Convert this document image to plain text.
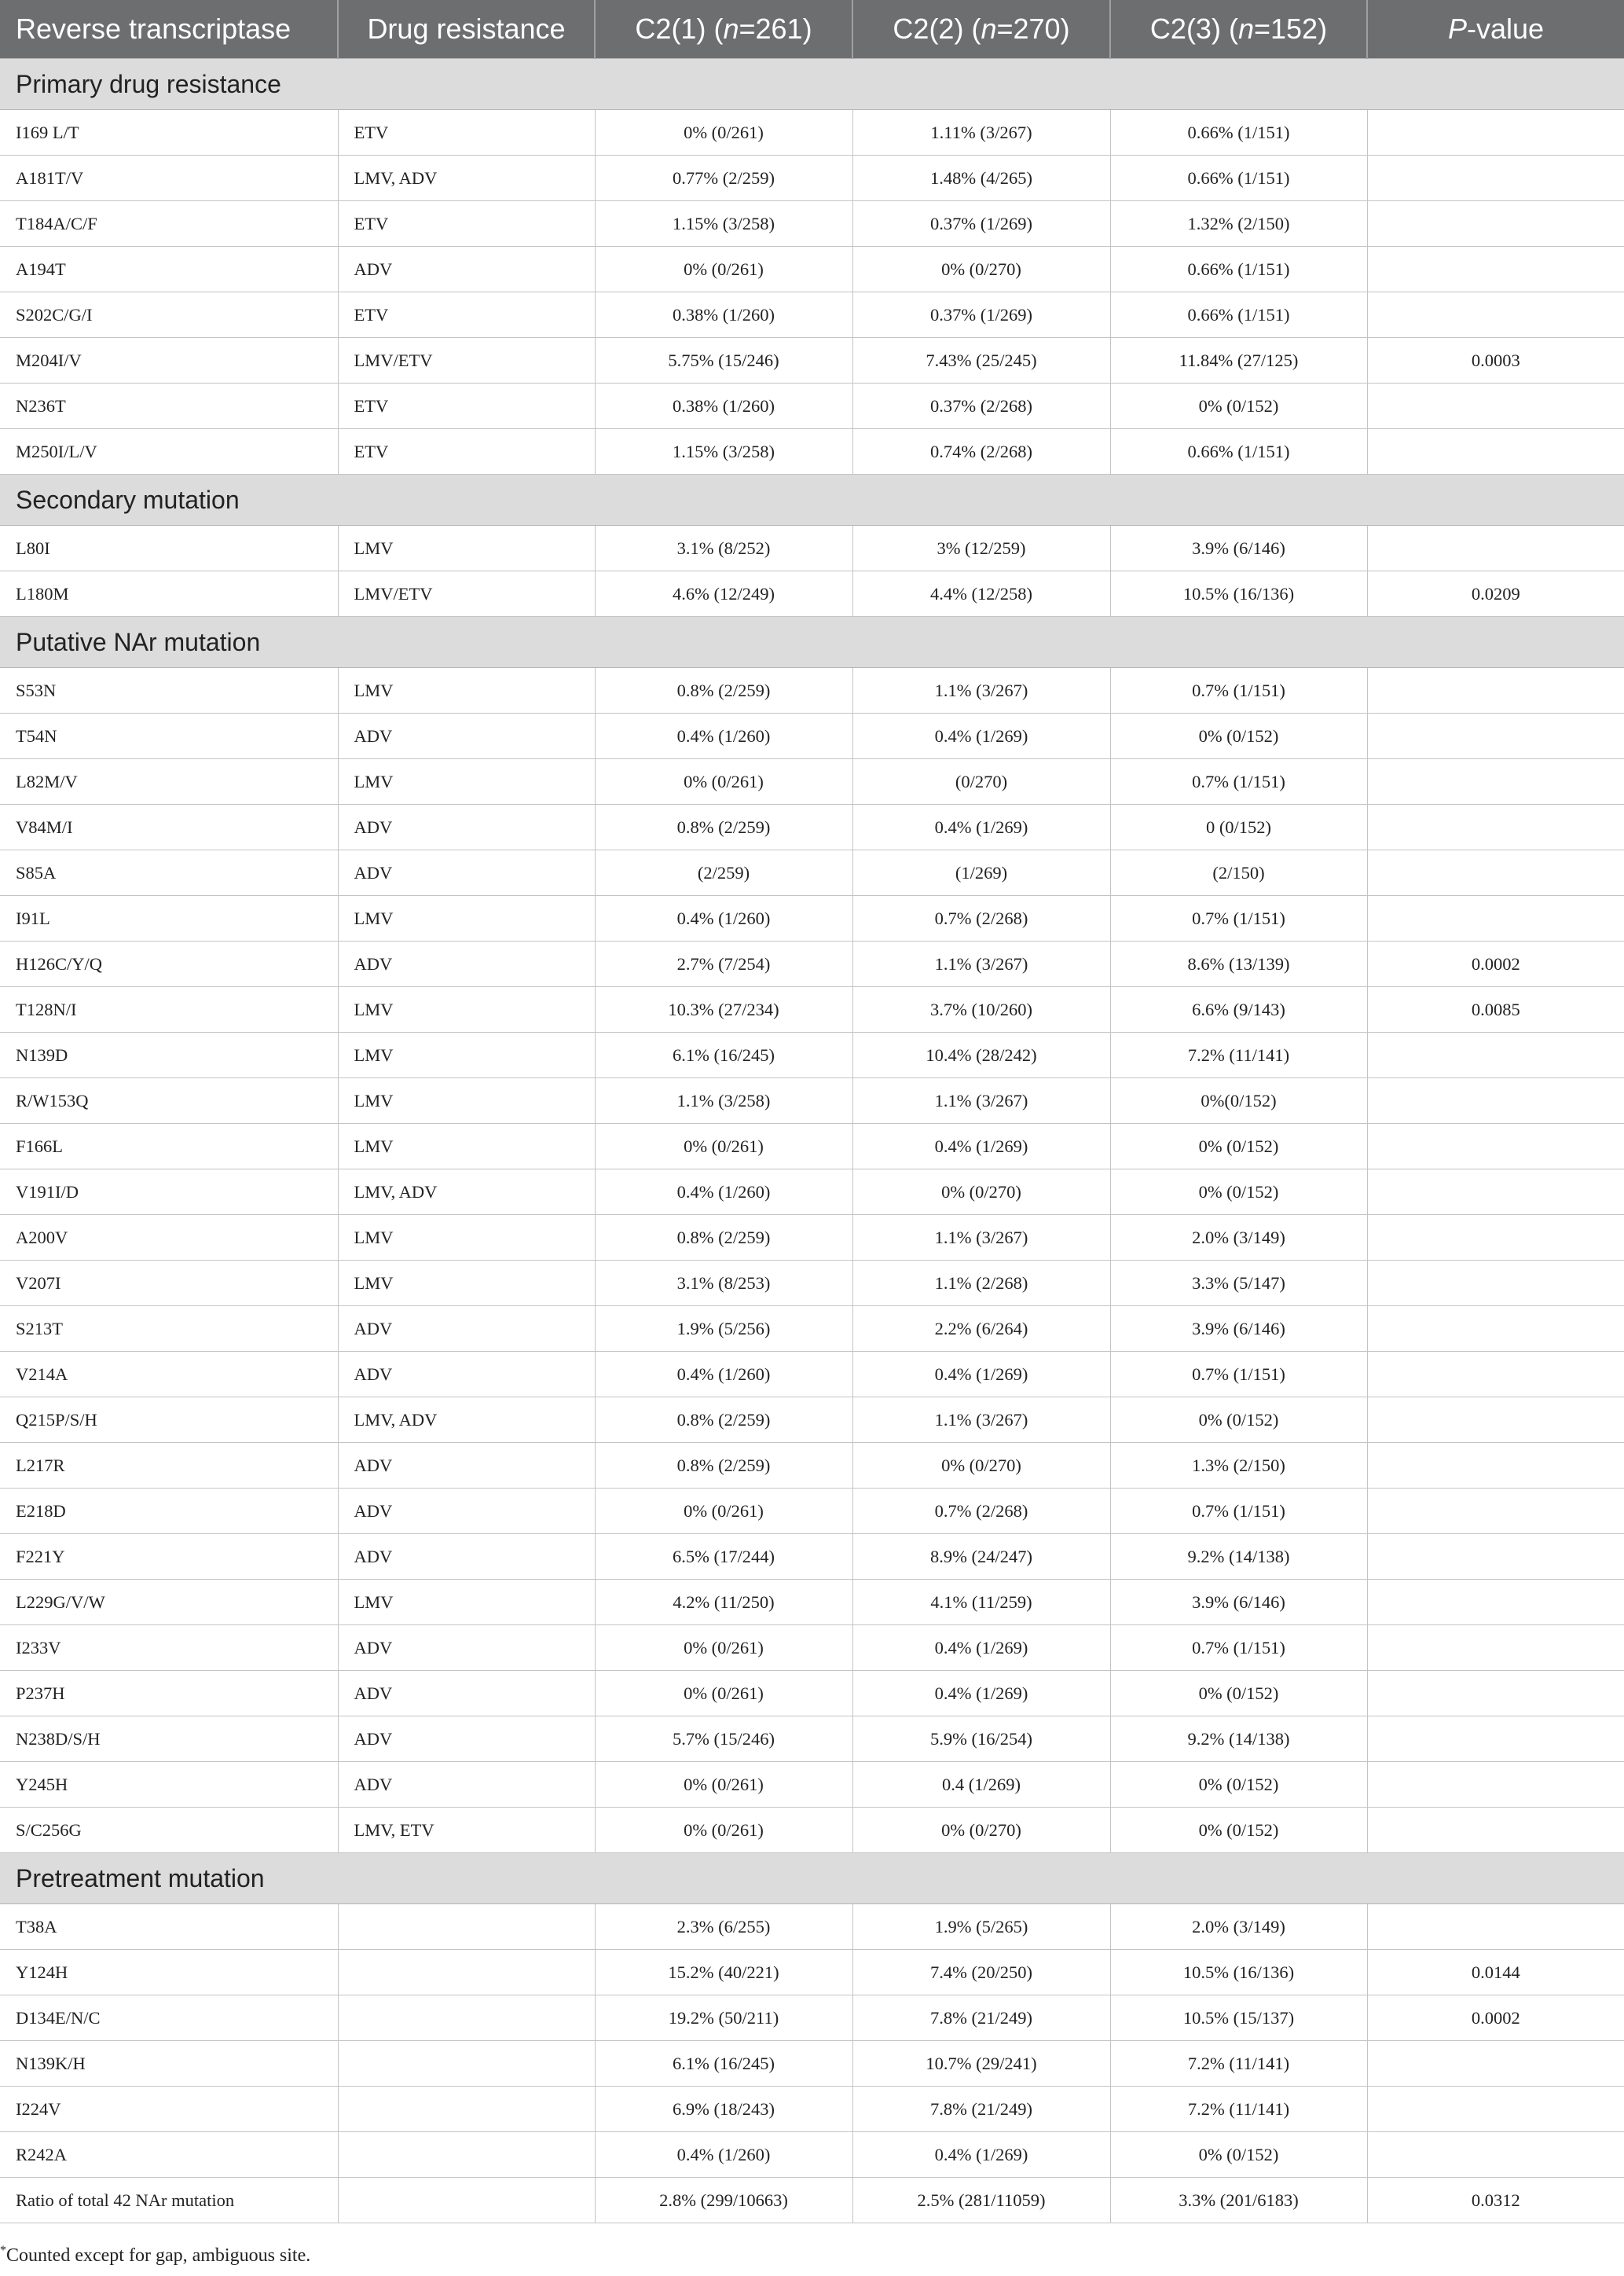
Reverse transcriptase	Drug resistance	C2(1) (n=261)	C2(2) (n=270)	C2(3) (n=152)	P-value
Primary drug resistance					
I169 L/T	ETV	0% (0/261)	1.11% (3/267)	0.66% (1/151)	
A181T/V	LMV, ADV	0.77% (2/259)	1.48% (4/265)	0.66% (1/151)	
T184A/C/F	ETV	1.15% (3/258)	0.37% (1/269)	1.32% (2/150)	
A194T	ADV	0% (0/261)	0% (0/270)	0.66% (1/151)	
S202C/G/I	ETV	0.38% (1/260)	0.37% (1/269)	0.66% (1/151)	
M204I/V	LMV/ETV	5.75% (15/246)	7.43% (25/245)	11.84% (27/125)	0.0003
N236T	ETV	0.38% (1/260)	0.37% (2/268)	0% (0/152)	
M250I/L/V	ETV	1.15% (3/258)	0.74% (2/268)	0.66% (1/151)	
Secondary mutation					
L80I	LMV	3.1% (8/252)	3% (12/259)	3.9% (6/146)	
L180M	LMV/ETV	4.6% (12/249)	4.4% (12/258)	10.5% (16/136)	0.0209
Putative NAr mutation					
S53N	LMV	0.8% (2/259)	1.1% (3/267)	0.7% (1/151)	
T54N	ADV	0.4% (1/260)	0.4% (1/269)	0% (0/152)	
L82M/V	LMV	0% (0/261)	(0/270)	0.7% (1/151)	
V84M/I	ADV	0.8% (2/259)	0.4% (1/269)	0 (0/152)	
S85A	ADV	(2/259)	(1/269)	(2/150)	
I91L	LMV	0.4% (1/260)	0.7% (2/268)	0.7% (1/151)	
H126C/Y/Q	ADV	2.7% (7/254)	1.1% (3/267)	8.6% (13/139)	0.0002
T128N/I	LMV	10.3% (27/234)	3.7% (10/260)	6.6% (9/143)	0.0085
N139D	LMV	6.1% (16/245)	10.4% (28/242)	7.2% (11/141)	
R/W153Q	LMV	1.1% (3/258)	1.1% (3/267)	0%(0/152)	
F166L	LMV	0% (0/261)	0.4% (1/269)	0% (0/152)	
V191I/D	LMV, ADV	0.4% (1/260)	0% (0/270)	0% (0/152)	
A200V	LMV	0.8% (2/259)	1.1% (3/267)	2.0% (3/149)	
V207I	LMV	3.1% (8/253)	1.1% (2/268)	3.3% (5/147)	
S213T	ADV	1.9% (5/256)	2.2% (6/264)	3.9% (6/146)	
V214A	ADV	0.4% (1/260)	0.4% (1/269)	0.7% (1/151)	
Q215P/S/H	LMV, ADV	0.8% (2/259)	1.1% (3/267)	0% (0/152)	
L217R	ADV	0.8% (2/259)	0% (0/270)	1.3% (2/150)	
E218D	ADV	0% (0/261)	0.7% (2/268)	0.7% (1/151)	
F221Y	ADV	6.5% (17/244)	8.9% (24/247)	9.2% (14/138)	
L229G/V/W	LMV	4.2% (11/250)	4.1% (11/259)	3.9% (6/146)	
I233V	ADV	0% (0/261)	0.4% (1/269)	0.7% (1/151)	
P237H	ADV	0% (0/261)	0.4% (1/269)	0% (0/152)	
N238D/S/H	ADV	5.7% (15/246)	5.9% (16/254)	9.2% (14/138)	
Y245H	ADV	0% (0/261)	0.4 (1/269)	0% (0/152)	
S/C256G	LMV, ETV	0% (0/261)	0% (0/270)	0% (0/152)	
Pretreatment mutation					
T38A		2.3% (6/255)	1.9% (5/265)	2.0% (3/149)	
Y124H		15.2% (40/221)	7.4% (20/250)	10.5% (16/136)	0.0144
D134E/N/C		19.2% (50/211)	7.8% (21/249)	10.5% (15/137)	0.0002
N139K/H		6.1% (16/245)	10.7% (29/241)	7.2% (11/141)	
I224V		6.9% (18/243)	7.8% (21/249)	7.2% (11/141)	
R242A		0.4% (1/260)	0.4% (1/269)	0% (0/152)	
Ratio of total 42 NAr mutation		2.8% (299/10663)	2.5% (281/11059)	3.3% (201/6183)	0.0312
*Counted except for gap, ambiguous site.
